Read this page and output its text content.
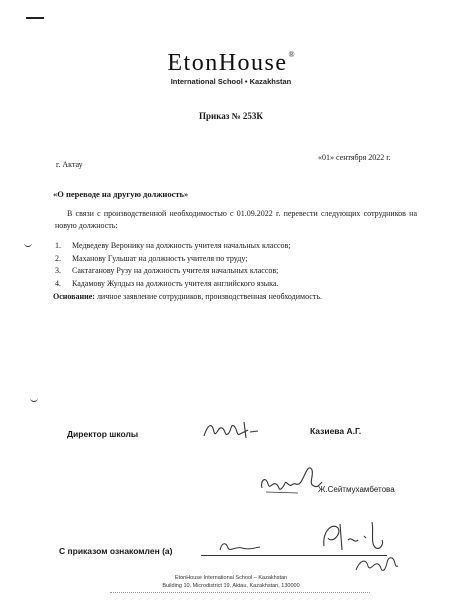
EtonHouse®
International School • Kazakhstan
Приказ № 253К
«01» сентября 2022 г.
г. Актау
«О переводе на другую должность»
В связи с производственной необходимостью с 01.09.2022 г. перевести следующих сотрудников на новую должность:
1. Медведеву Веронику на должность учителя начальных классов;
2. Маханову Гульшат на должность учителя по труду;
3. Сактаганову Рузу на должность учителя начальных классов;
4. Кадамову Жулдыз на должность учителя английского языка.
Основание: личное заявление сотрудников, производственная необходимость.
Директор школы	Казиева А.Г.
Ж.Сейтмухамбетова
С приказом ознакомлен (а)
EtonHouse International School – Kazakhstan
Building 10, Microdistrict 19, Aktau, Kazakhstan, 130000
